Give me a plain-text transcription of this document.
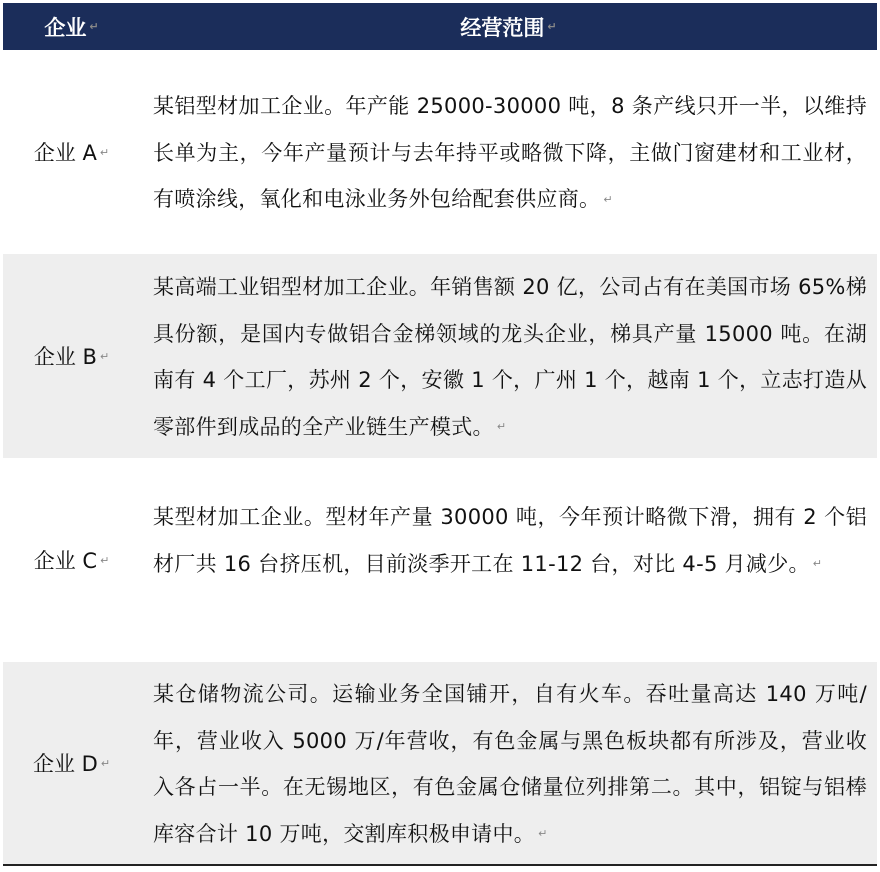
企业 ↵	经营范围 ↵
企业 A ↵
某铝型材加工企业。年产能 25000-30000 吨，8 条产线只开一半，以维持长单为主，今年产量预计与去年持平或略微下降，主做门窗建材和工业材，有喷涂线，氧化和电泳业务外包给配套供应商。 ↵
企业 B ↵
某高端工业铝型材加工企业。年销售额 20 亿，公司占有在美国市场 65%梯具份额，是国内专做铝合金梯领域的龙头企业，梯具产量 15000 吨。在湖南有 4 个工厂，苏州 2 个，安徽 1 个，广州 1 个，越南 1 个，立志打造从零部件到成品的全产业链生产模式。 ↵
企业 C ↵
某型材加工企业。型材年产量 30000 吨，今年预计略微下滑，拥有 2 个铝材厂共 16 台挤压机，目前淡季开工在 11-12 台，对比 4-5 月减少。 ↵
企业 D ↵
某仓储物流公司。运输业务全国铺开，自有火车。吞吐量高达 140 万吨/年，营业收入 5000 万/年营收，有色金属与黑色板块都有所涉及，营业收入各占一半。在无锡地区，有色金属仓储量位列排第二。其中，铝锭与铝棒库容合计 10 万吨，交割库积极申请中。 ↵
